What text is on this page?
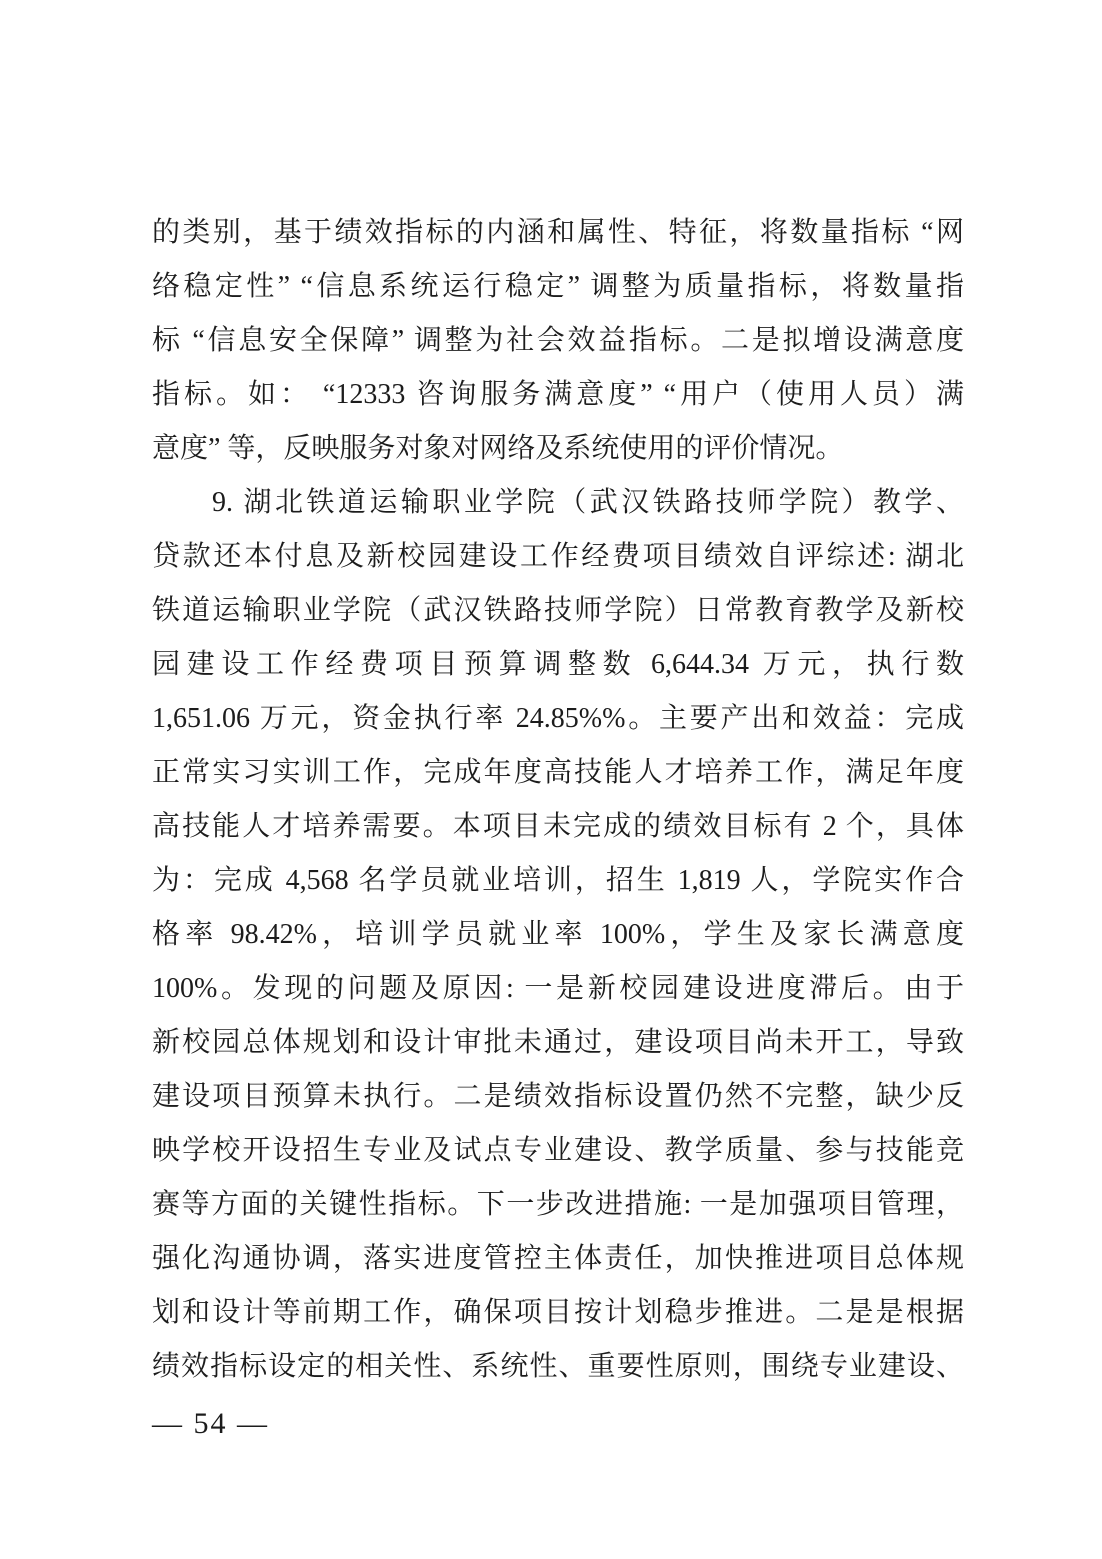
的类别，基于绩效指标的内涵和属性、特征，将数量指标 “网
络稳定性” “信息系统运行稳定” 调整为质量指标，将数量指
标 “信息安全保障” 调整为社会效益指标。二是拟增设满意度
指标。如： “12333 咨询服务满意度” “用户（使用人员）满
意度” 等，反映服务对象对网络及系统使用的评价情况。
9. 湖北铁道运输职业学院（武汉铁路技师学院）教学、
贷款还本付息及新校园建设工作经费项目绩效自评综述: 湖北
铁道运输职业学院（武汉铁路技师学院）日常教育教学及新校
园建设工作经费项目预算调整数 6,644.34 万元，执行数
1,651.06 万元，资金执行率 24.85%%。主要产出和效益：完成
正常实习实训工作，完成年度高技能人才培养工作，满足年度
高技能人才培养需要。本项目未完成的绩效目标有 2 个，具体
为：完成 4,568 名学员就业培训，招生 1,819 人，学院实作合
格率 98.42%，培训学员就业率 100%，学生及家长满意度
100%。发现的问题及原因: 一是新校园建设进度滞后。由于
新校园总体规划和设计审批未通过，建设项目尚未开工，导致
建设项目预算未执行。二是绩效指标设置仍然不完整，缺少反
映学校开设招生专业及试点专业建设、教学质量、参与技能竞
赛等方面的关键性指标。下一步改进措施: 一是加强项目管理，
强化沟通协调，落实进度管控主体责任，加快推进项目总体规
划和设计等前期工作，确保项目按计划稳步推进。二是是根据
绩效指标设定的相关性、系统性、重要性原则，围绕专业建设、
— 54 —
